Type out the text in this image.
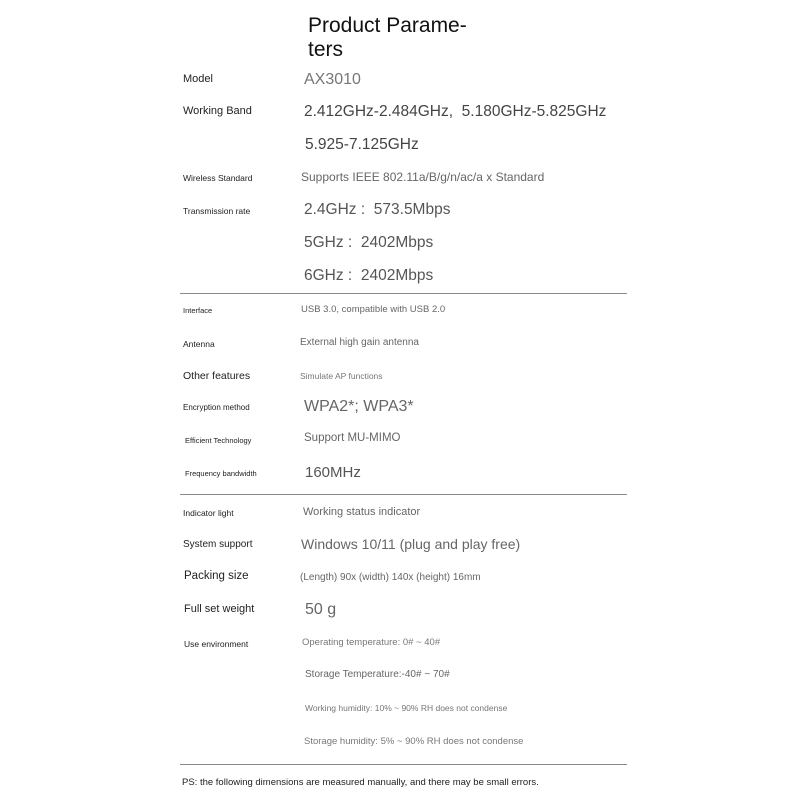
Product Parame-ters
Model	AX3010
Working Band	2.412GHz-2.484GHz,  5.180GHz-5.825GHz
5.925-7.125GHz
Wireless Standard	Supports IEEE 802.11a/B/g/n/ac/a x Standard
Transmission rate	2.4GHz :  573.5Mbps
5GHz :  2402Mbps
6GHz :  2402Mbps
Interface	USB 3.0, compatible with USB 2.0
Antenna	External high gain antenna
Other features	Simulate AP functions
Encryption method	WPA2*; WPA3*
Efficient Technology	Support MU-MIMO
Frequency bandwidth	160MHz
Indicator light	Working status indicator
System support	Windows 10/11 (plug and play free)
Packing size	(Length) 90x (width) 140x (height) 16mm
Full set weight	50 g
Use environment	Operating temperature: 0# ~ 40#
Storage Temperature:-40# ~ 70#
Working humidity: 10% ~ 90% RH does not condense
Storage humidity: 5% ~ 90% RH does not condense
PS: the following dimensions are measured manually, and there may be small errors.
